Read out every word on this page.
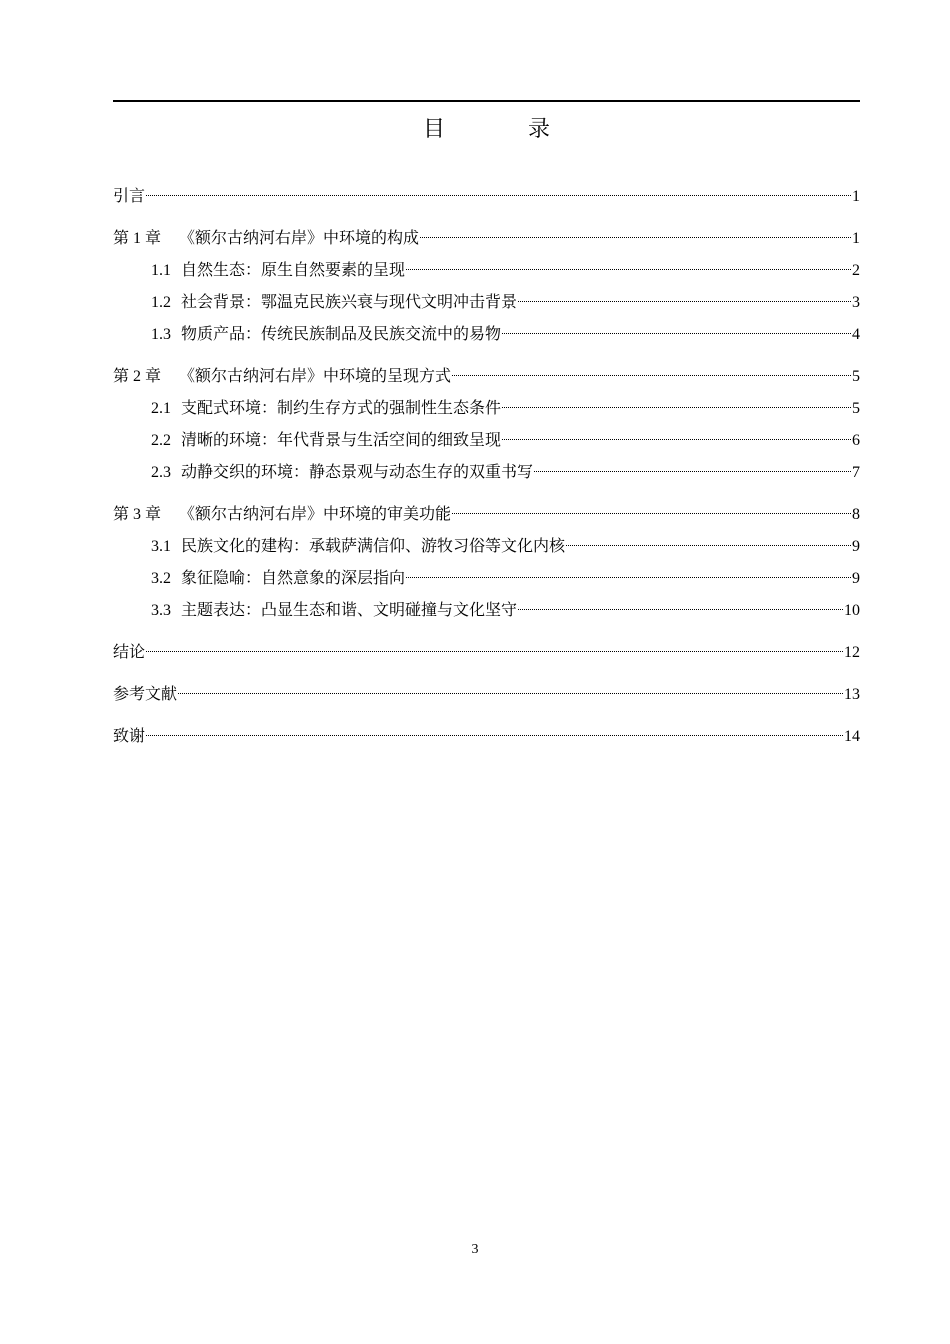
目 录
引言	1
第 1 章 《额尔古纳河右岸》中环境的构成	1
1.1 自然生态：原生自然要素的呈现	2
1.2 社会背景：鄂温克民族兴衰与现代文明冲击背景	3
1.3 物质产品：传统民族制品及民族交流中的易物	4
第 2 章 《额尔古纳河右岸》中环境的呈现方式	5
2.1 支配式环境：制约生存方式的强制性生态条件	5
2.2 清晰的环境：年代背景与生活空间的细致呈现	6
2.3 动静交织的环境：静态景观与动态生存的双重书写	7
第 3 章 《额尔古纳河右岸》中环境的审美功能	8
3.1 民族文化的建构：承载萨满信仰、游牧习俗等文化内核	9
3.2 象征隐喻：自然意象的深层指向	9
3.3 主题表达：凸显生态和谐、文明碰撞与文化坚守	10
结论	12
参考文献	13
致谢	14
3
